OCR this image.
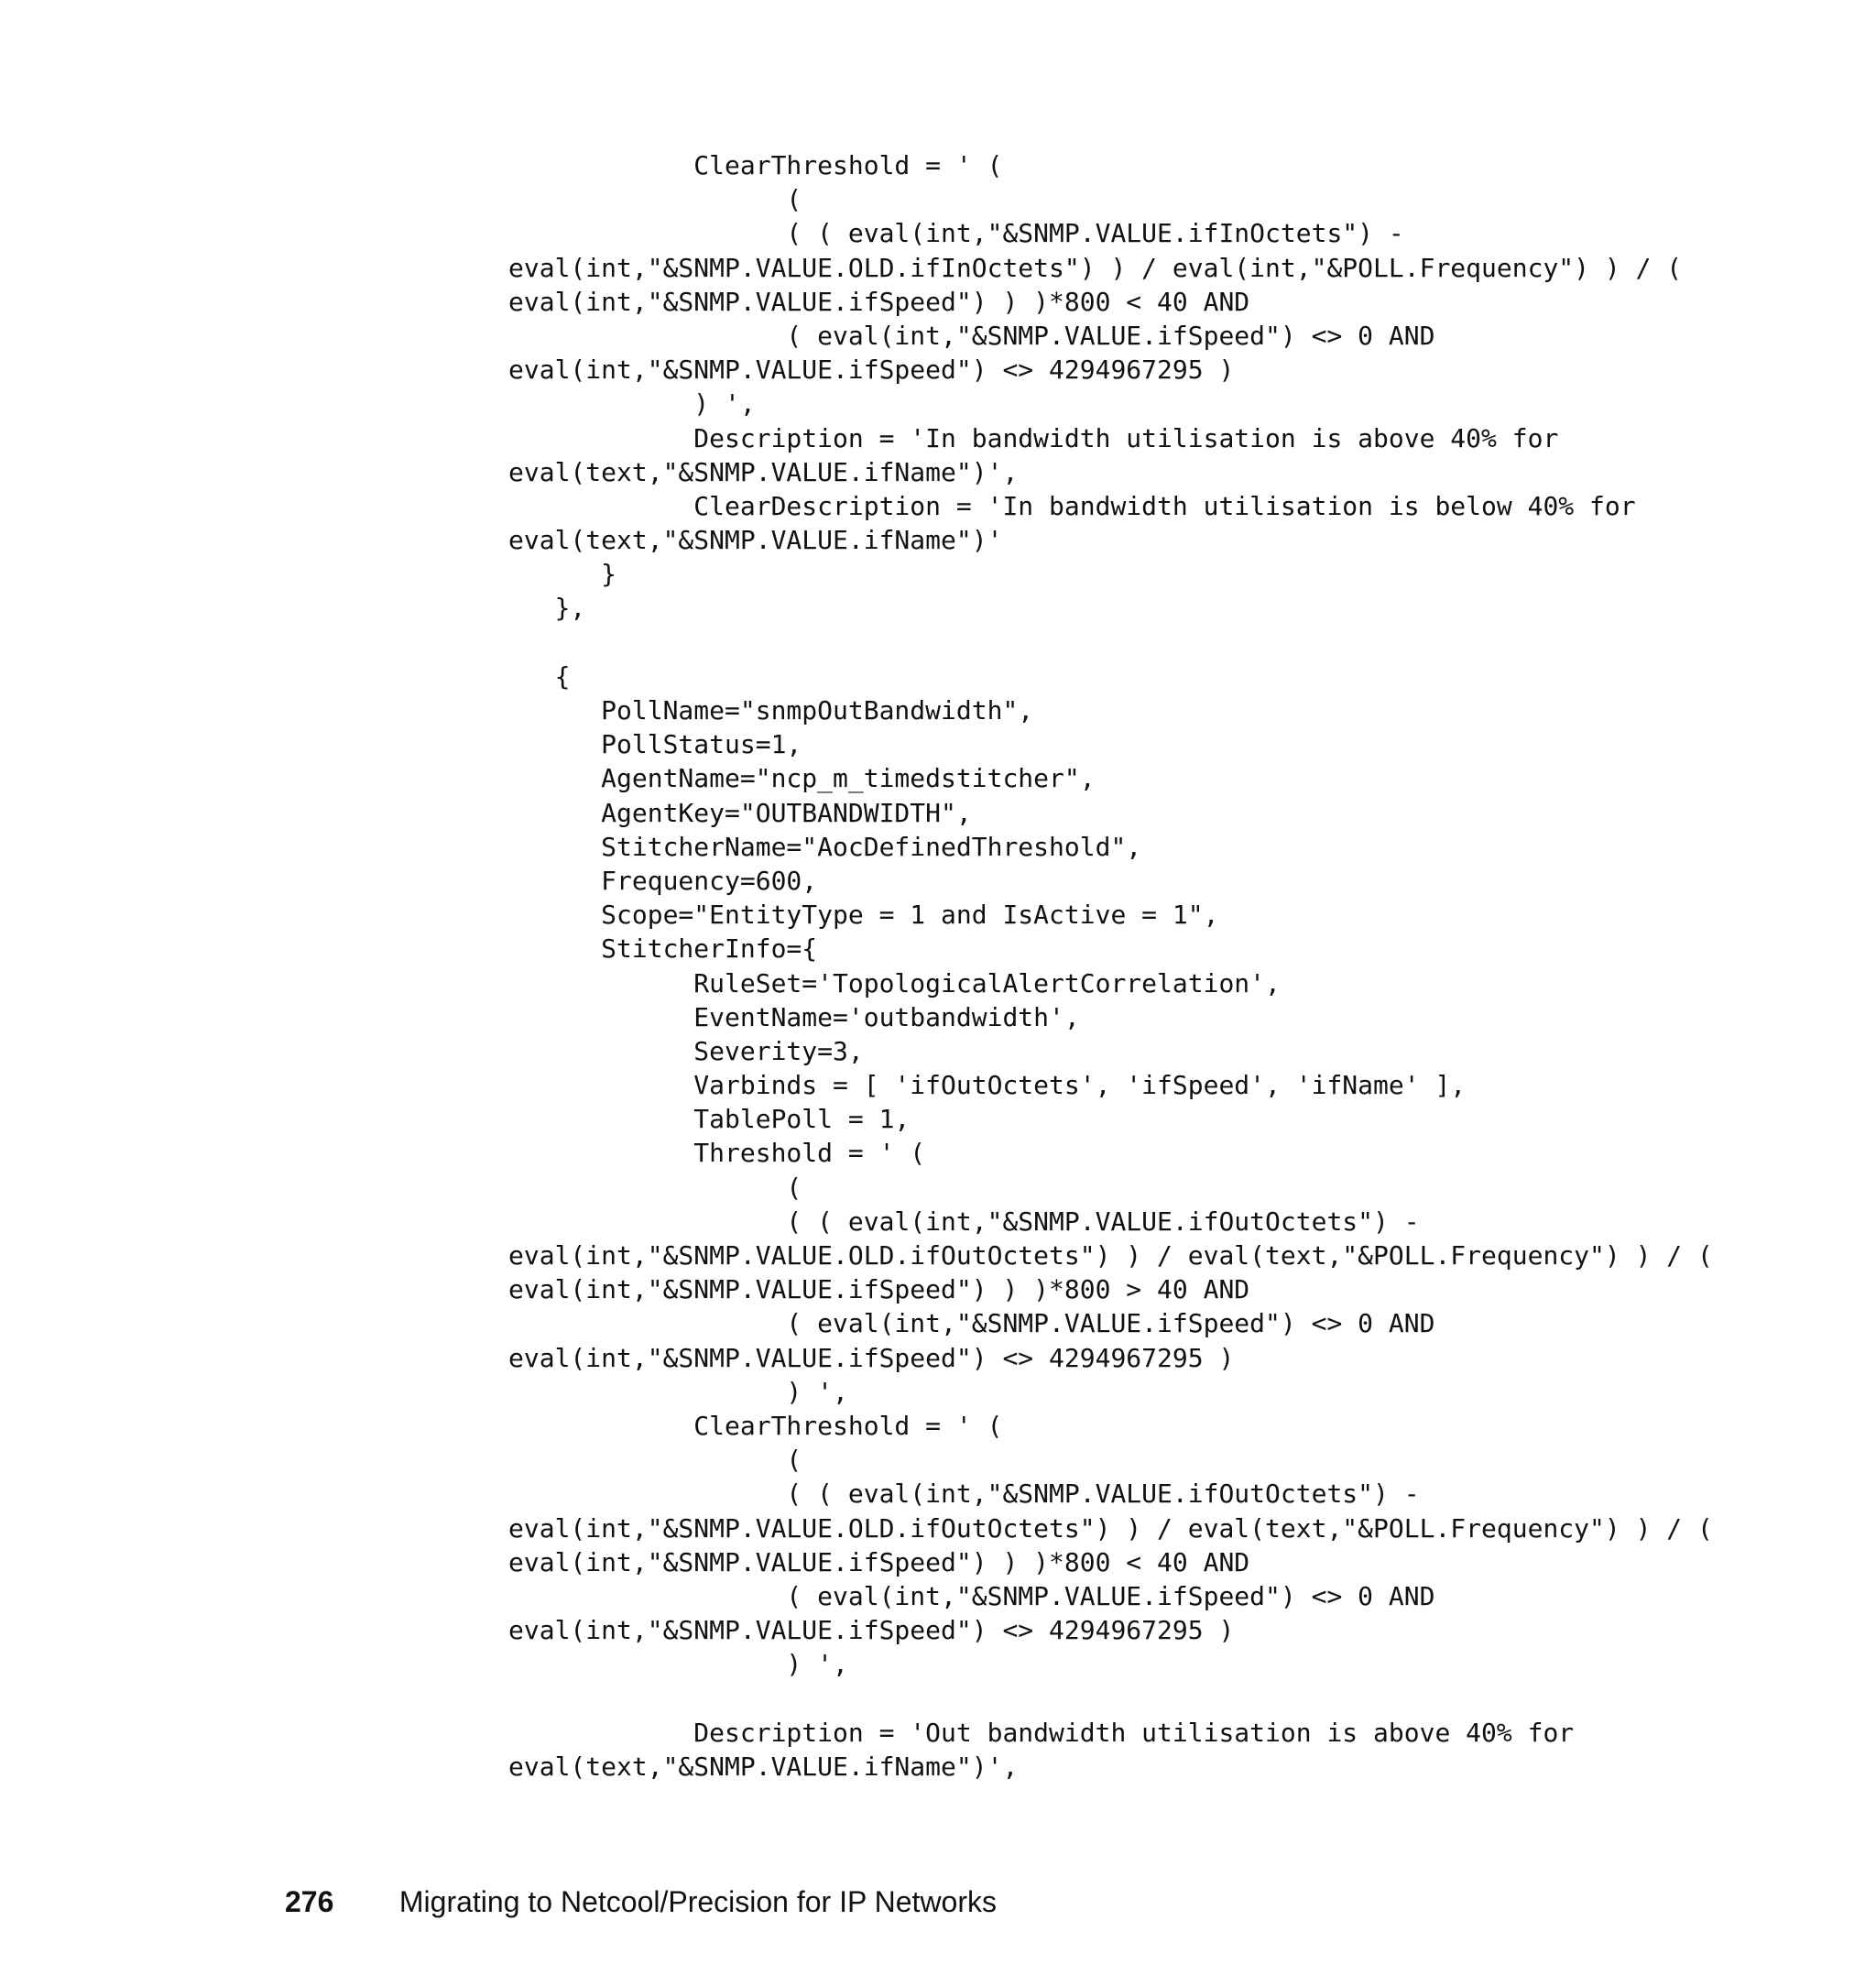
ClearThreshold = ' (
(
( ( eval(int,"&SNMP.VALUE.ifInOctets") -
eval(int,"&SNMP.VALUE.OLD.ifInOctets") ) / eval(int,"&POLL.Frequency") ) / (
eval(int,"&SNMP.VALUE.ifSpeed") ) )*800 < 40 AND
( eval(int,"&SNMP.VALUE.ifSpeed") <> 0 AND
eval(int,"&SNMP.VALUE.ifSpeed") <> 4294967295 )
) ',
Description = 'In bandwidth utilisation is above 40% for
eval(text,"&SNMP.VALUE.ifName")',
ClearDescription = 'In bandwidth utilisation is below 40% for
eval(text,"&SNMP.VALUE.ifName")'
}
},

{
PollName="snmpOutBandwidth",
PollStatus=1,
AgentName="ncp_m_timedstitcher",
AgentKey="OUTBANDWIDTH",
StitcherName="AocDefinedThreshold",
Frequency=600,
Scope="EntityType = 1 and IsActive = 1",
StitcherInfo={
RuleSet='TopologicalAlertCorrelation',
EventName='outbandwidth',
Severity=3,
Varbinds = [ 'ifOutOctets', 'ifSpeed', 'ifName' ],
TablePoll = 1,
Threshold = ' (
(
( ( eval(int,"&SNMP.VALUE.ifOutOctets") -
eval(int,"&SNMP.VALUE.OLD.ifOutOctets") ) / eval(text,"&POLL.Frequency") ) / (
eval(int,"&SNMP.VALUE.ifSpeed") ) )*800 > 40 AND
( eval(int,"&SNMP.VALUE.ifSpeed") <> 0 AND
eval(int,"&SNMP.VALUE.ifSpeed") <> 4294967295 )
) ',
ClearThreshold = ' (
(
( ( eval(int,"&SNMP.VALUE.ifOutOctets") -
eval(int,"&SNMP.VALUE.OLD.ifOutOctets") ) / eval(text,"&POLL.Frequency") ) / (
eval(int,"&SNMP.VALUE.ifSpeed") ) )*800 < 40 AND
( eval(int,"&SNMP.VALUE.ifSpeed") <> 0 AND
eval(int,"&SNMP.VALUE.ifSpeed") <> 4294967295 )
) ',

Description = 'Out bandwidth utilisation is above 40% for
eval(text,"&SNMP.VALUE.ifName")',
276 Migrating to Netcool/Precision for IP Networks
